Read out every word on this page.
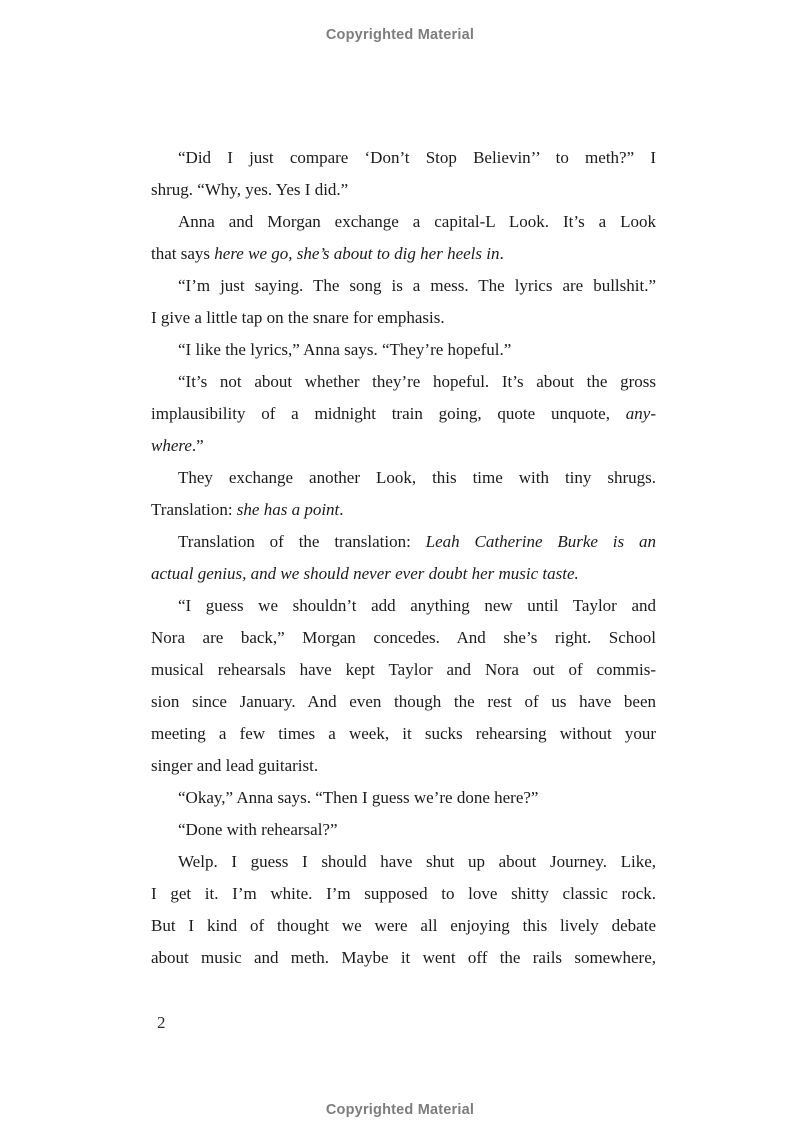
Copyrighted Material
“Did I just compare ‘Don’t Stop Believin’’ to meth?” I
shrug. “Why, yes. Yes I did.”
Anna and Morgan exchange a capital-L Look. It’s a Look
that says here we go, she’s about to dig her heels in.
“I’m just saying. The song is a mess. The lyrics are bullshit.”
I give a little tap on the snare for emphasis.
“I like the lyrics,” Anna says. “They’re hopeful.”
“It’s not about whether they’re hopeful. It’s about the gross
implausibility of a midnight train going, quote unquote, any-
where.”
They exchange another Look, this time with tiny shrugs.
Translation: she has a point.
Translation of the translation: Leah Catherine Burke is an
actual genius, and we should never ever doubt her music taste.
“I guess we shouldn’t add anything new until Taylor and
Nora are back,” Morgan concedes. And she’s right. School
musical rehearsals have kept Taylor and Nora out of commis-
sion since January. And even though the rest of us have been
meeting a few times a week, it sucks rehearsing without your
singer and lead guitarist.
“Okay,” Anna says. “Then I guess we’re done here?”
“Done with rehearsal?”
Welp. I guess I should have shut up about Journey. Like,
I get it. I’m white. I’m supposed to love shitty classic rock.
But I kind of thought we were all enjoying this lively debate
about music and meth. Maybe it went off the rails somewhere,
2
Copyrighted Material
